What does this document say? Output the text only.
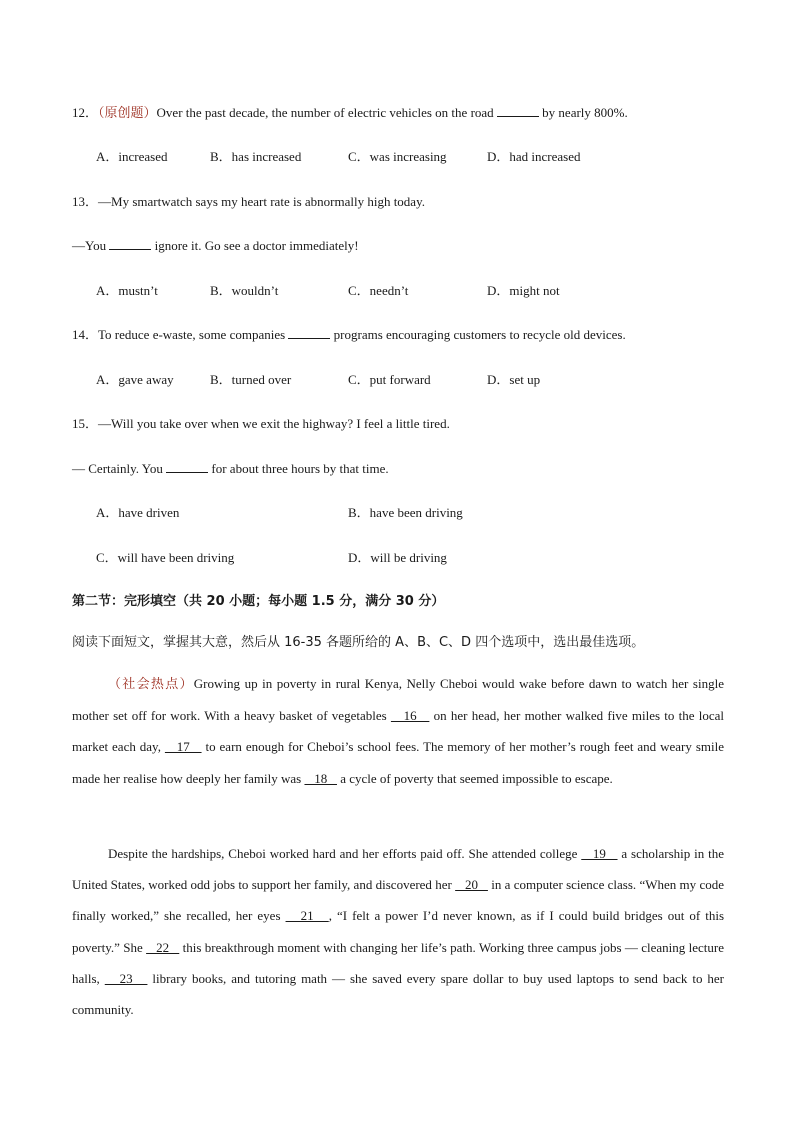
12．（原创题）Over the past decade, the number of electric vehicles on the road	by nearly 800%.
A．increased	B．has increased	C．was increasing	D．had increased
13．—My smartwatch says my heart rate is abnormally high today.
—You	ignore it. Go see a doctor immediately!
A．mustn’t	B．wouldn’t	C．needn’t	D．might not
14．To reduce e-waste, some companies	programs encouraging customers to recycle old devices.
A．gave away	B．turned over	C．put forward	D．set up
15．—Will you take over when we exit the highway? I feel a little tired.
— Certainly. You	for about three hours by that time.
A．have driven	B．have been driving
C．will have been driving	D．will be driving
第二节：完形填空（共 20 小题；每小题 1.5 分，满分 30 分）
阅读下面短文，掌握其大意，然后从 16-35 各题所给的 A、B、C、D 四个选项中，选出最佳选项。
（社会热点）Growing up in poverty in rural Kenya, Nelly Cheboi would wake before dawn to watch her single mother set off for work. With a heavy basket of vegetables    16    on her head, her mother walked five miles to the local market each day,    17    to earn enough for Cheboi’s school fees. The memory of her mother’s rough feet and weary smile made her realise how deeply her family was    18    a cycle of poverty that seemed impossible to escape.
Despite the hardships, Cheboi worked hard and her efforts paid off. She attended college    19    a scholarship in the United States, worked odd jobs to support her family, and discovered her    20    in a computer science class. “When my code finally worked,” she recalled, her eyes    21   , “I felt a power I’d never known, as if I could build bridges out of this poverty.” She    22    this breakthrough moment with changing her life’s path. Working three campus jobs — cleaning lecture halls,    23    library books, and tutoring math — she saved every spare dollar to buy used laptops to send back to her community.
